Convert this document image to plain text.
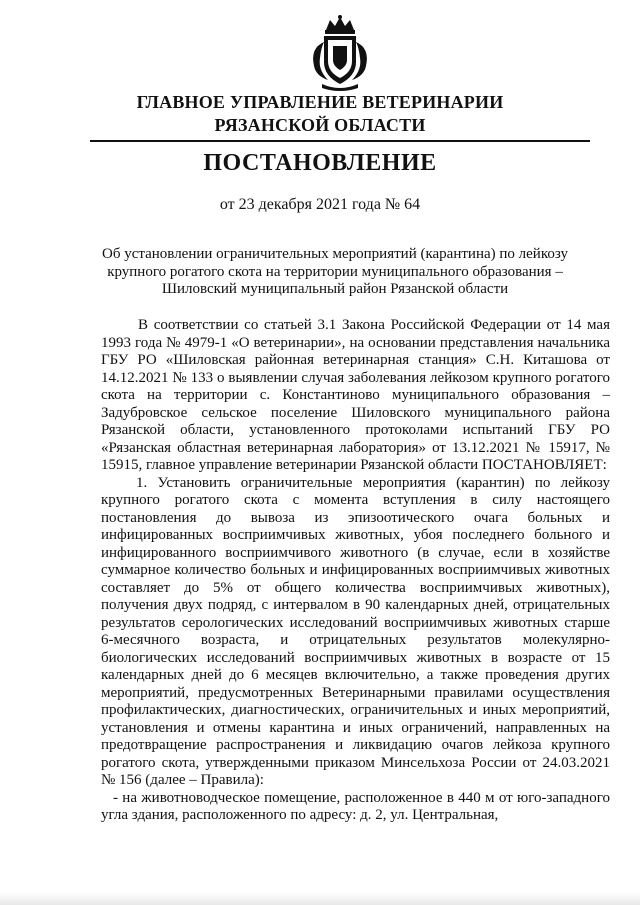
ГЛАВНОЕ УПРАВЛЕНИЕ ВЕТЕРИНАРИИ
РЯЗАНСКОЙ ОБЛАСТИ
ПОСТАНОВЛЕНИЕ
от 23 декабря 2021 года № 64
Об установлении ограничительных мероприятий (карантина) по лейкозу крупного рогатого скота на территории муниципального образования – Шиловский муниципальный район Рязанской области

В соответствии со статьей 3.1 Закона Российской Федерации от 14 мая 1993 года № 4979-1 «О ветеринарии», на основании представления начальника ГБУ РО «Шиловская районная ветеринарная станция» С.Н. Киташова от 14.12.2021 № 133 о выявлении случая заболевания лейкозом крупного рогатого скота на территории с. Константиново муниципального образования – Задубровское сельское поселение Шиловского муниципального района Рязанской области, установленного протоколами испытаний ГБУ РО «Рязанская областная ветеринарная лаборатория» от 13.12.2021 № 15917, № 15915, главное управление ветеринарии Рязанской области ПОСТАНОВЛЯЕТ:

1. Установить ограничительные мероприятия (карантин) по лейкозу крупного рогатого скота с момента вступления в силу настоящего постановления до вывоза из эпизоотического очага больных и инфицированных восприимчивых животных, убоя последнего больного и инфицированного восприимчивого животного (в случае, если в хозяйстве суммарное количество больных и инфицированных восприимчивых животных составляет до 5% от общего количества восприимчивых животных), получения двух подряд, с интервалом в 90 календарных дней, отрицательных результатов серологических исследований восприимчивых животных старше 6-месячного возраста, и отрицательных результатов молекулярно-биологических исследований восприимчивых животных в возрасте от 15 календарных дней до 6 месяцев включительно, а также проведения других мероприятий, предусмотренных Ветеринарными правилами осуществления профилактических, диагностических, ограничительных и иных мероприятий, установления и отмены карантина и иных ограничений, направленных на предотвращение распространения и ликвидацию очагов лейкоза крупного рогатого скота, утвержденными приказом Минсельхоза России от 24.03.2021 № 156 (далее – Правила):

- на животноводческое помещение, расположенное в 440 м от юго-западного угла здания, расположенного по адресу: д. 2, ул. Центральная,
